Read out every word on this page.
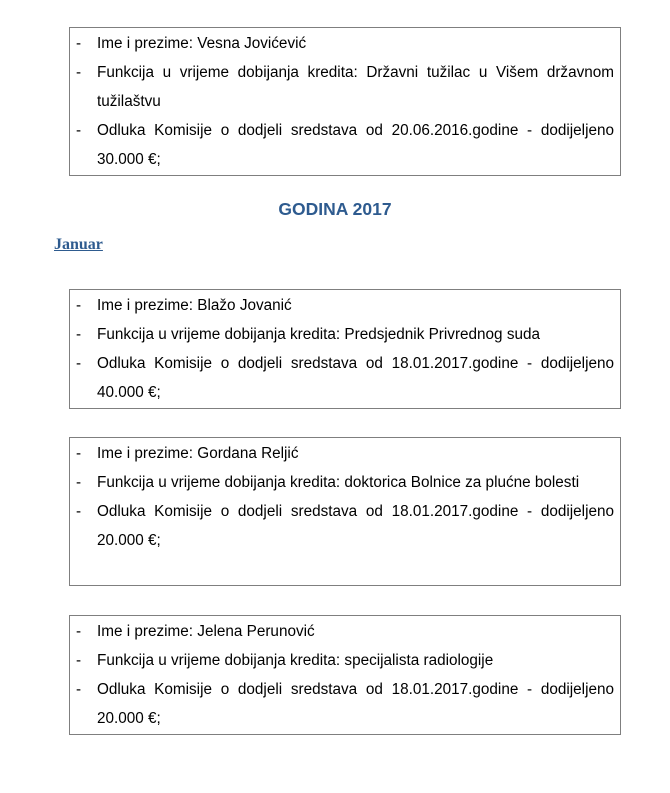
-	Ime i prezime: Vesna Jovićević
-	Funkcija u vrijeme dobijanja kredita: Državni tužilac u Višem državnom tužilaštvu
-	Odluka Komisije o dodjeli sredstava od 20.06.2016.godine - dodijeljeno 30.000 €;
GODINA 2017
Januar
-	Ime i prezime: Blažo Jovanić
-	Funkcija u vrijeme dobijanja kredita: Predsjednik Privrednog suda
-	Odluka Komisije o dodjeli sredstava od 18.01.2017.godine - dodijeljeno 40.000 €;
-	Ime i prezime: Gordana Reljić
-	Funkcija u vrijeme dobijanja kredita: doktorica Bolnice za plućne bolesti
-	Odluka Komisije o dodjeli sredstava od 18.01.2017.godine - dodijeljeno 20.000 €;
-	Ime i prezime: Jelena Perunović
-	Funkcija u vrijeme dobijanja kredita: specijalista radiologije
-	Odluka Komisije o dodjeli sredstava od 18.01.2017.godine - dodijeljeno 20.000 €;
